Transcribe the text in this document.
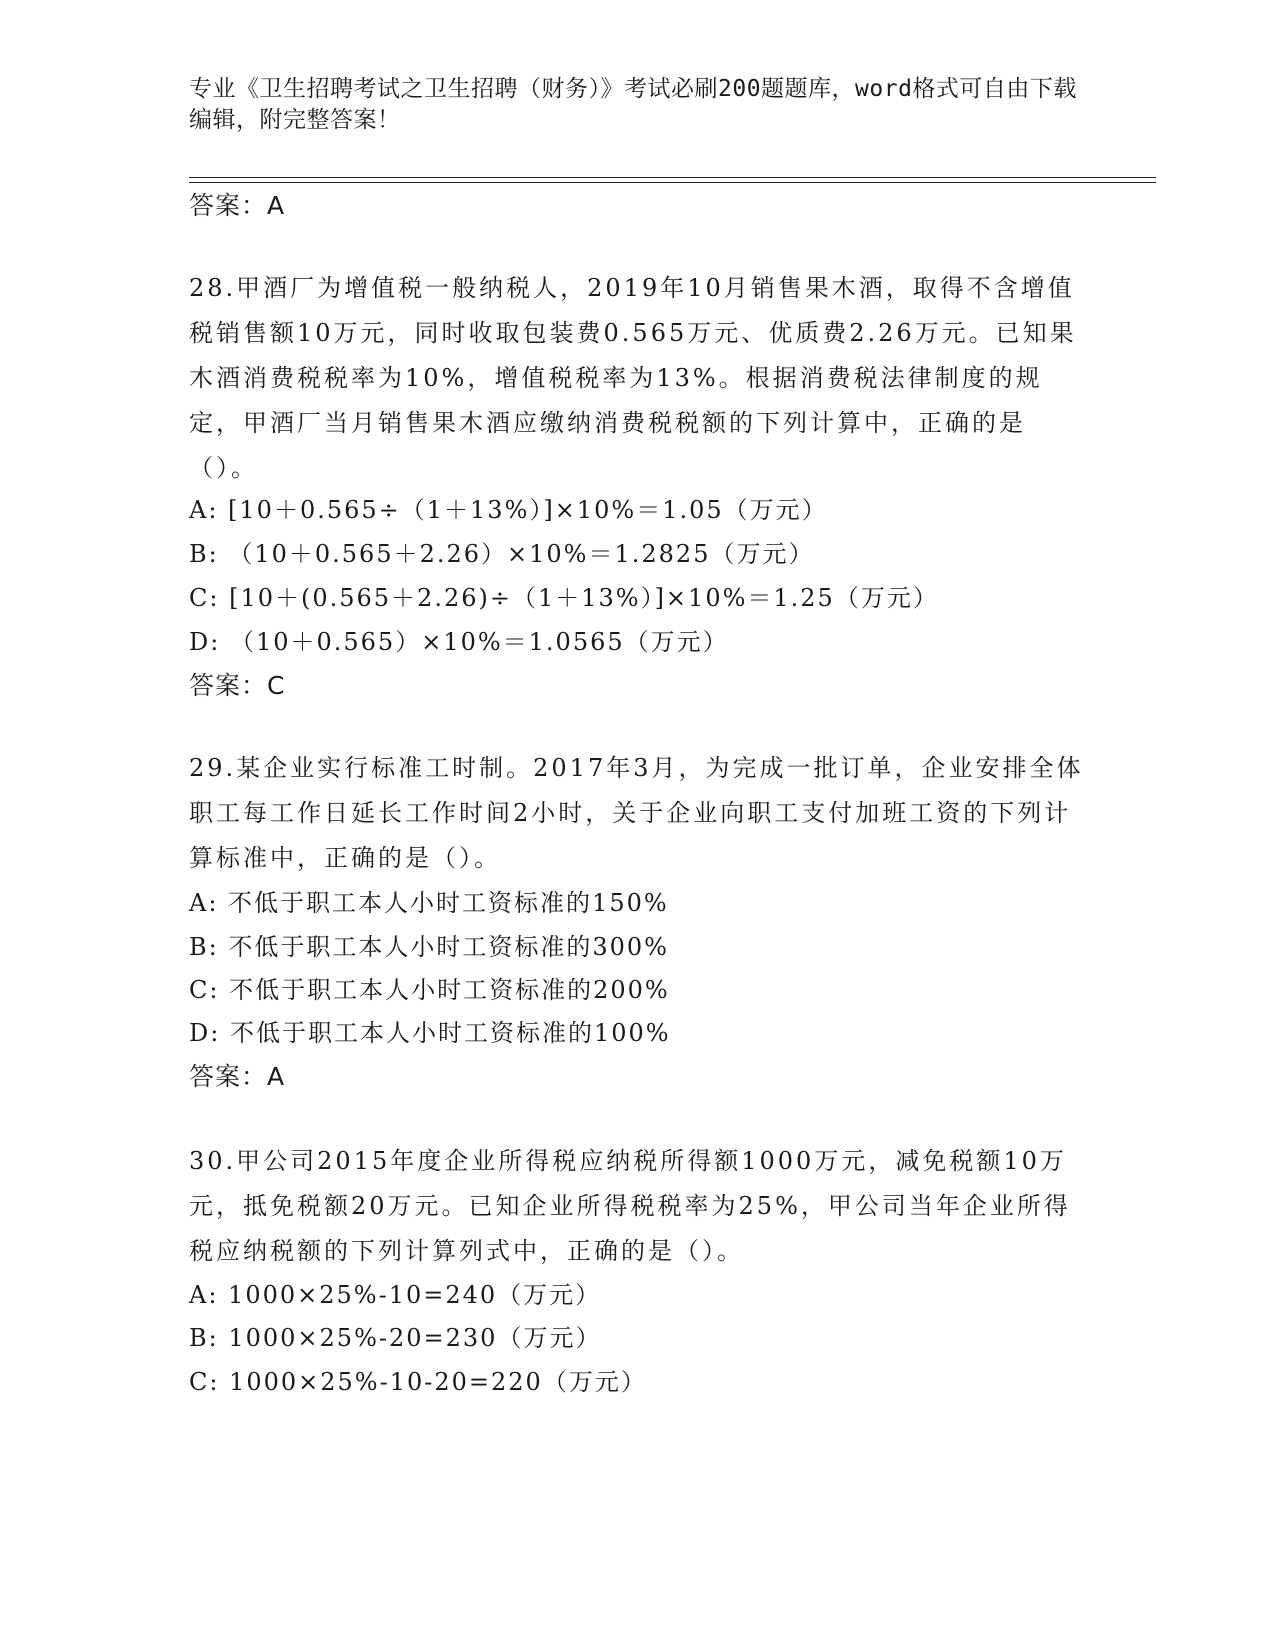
专业《卫生招聘考试之卫生招聘（财务）》考试必刷200题题库，word格式可自由下载编辑，附完整答案！
答案：A
28.甲酒厂为增值税一般纳税人，2019年10月销售果木酒，取得不含增值税销售额10万元，同时收取包装费0.565万元、优质费2.26万元。已知果木酒消费税税率为10%，增值税税率为13%。根据消费税法律制度的规定，甲酒厂当月销售果木酒应缴纳消费税税额的下列计算中，正确的是（）。
A: [10＋0.565÷（1＋13%）]×10%＝1.05（万元）
B: （10＋0.565＋2.26）×10%＝1.2825（万元）
C: [10＋(0.565＋2.26)÷（1＋13%）]×10%＝1.25（万元）
D: （10＋0.565）×10%＝1.0565（万元）
答案：C
29.某企业实行标准工时制。2017年3月，为完成一批订单，企业安排全体职工每工作日延长工作时间2小时，关于企业向职工支付加班工资的下列计算标准中，正确的是（）。
A: 不低于职工本人小时工资标准的150%
B: 不低于职工本人小时工资标准的300%
C: 不低于职工本人小时工资标准的200%
D: 不低于职工本人小时工资标准的100%
答案：A
30.甲公司2015年度企业所得税应纳税所得额1000万元，减免税额10万元，抵免税额20万元。已知企业所得税税率为25%，甲公司当年企业所得税应纳税额的下列计算列式中，正确的是（）。
A: 1000×25%-10=240（万元）
B: 1000×25%-20=230（万元）
C: 1000×25%-10-20=220（万元）
